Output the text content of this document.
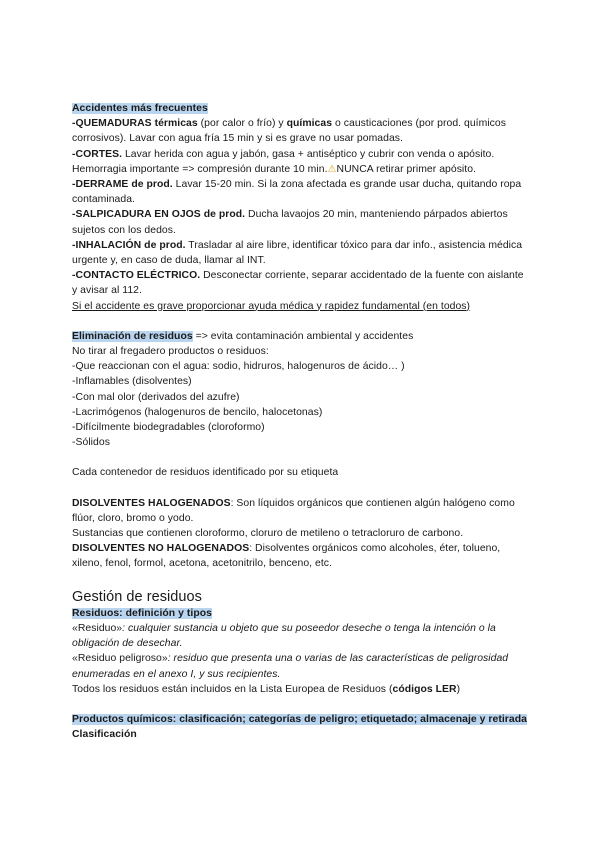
Accidentes más frecuentes

-QUEMADURAS térmicas (por calor o frío) y químicas o causticaciones (por prod. químicos corrosivos). Lavar con agua fría 15 min y si es grave no usar pomadas.

-CORTES. Lavar herida con agua y jabón, gasa + antiséptico y cubrir con venda o apósito. Hemorragia importante => compresión durante 10 min.⚠NUNCA retirar primer apósito.

-DERRAME de prod. Lavar 15-20 min. Si la zona afectada es grande usar ducha, quitando ropa contaminada.

-SALPICADURA EN OJOS de prod. Ducha lavaojos 20 min, manteniendo párpados abiertos sujetos con los dedos.

-INHALACIÓN de prod. Trasladar al aire libre, identificar tóxico para dar info., asistencia médica urgente y, en caso de duda, llamar al INT.

-CONTACTO ELÉCTRICO. Desconectar corriente, separar accidentado de la fuente con aislante y avisar al 112.

Si el accidente es grave proporcionar ayuda médica y rapidez fundamental (en todos)

Eliminación de residuos => evita contaminación ambiental y accidentes

No tirar al fregadero productos o residuos:

-Que reaccionan con el agua: sodio, hidruros, halogenuros de ácido… )

-Inflamables (disolventes)

-Con mal olor (derivados del azufre)

-Lacrimógenos (halogenuros de bencilo, halocetonas)

-Difícilmente biodegradables (cloroformo)

-Sólidos

Cada contenedor de residuos identificado por su etiqueta

DISOLVENTES HALOGENADOS: Son líquidos orgánicos que contienen algún halógeno como flúor, cloro, bromo o yodo.

Sustancias que contienen cloroformo, cloruro de metileno o tetracloruro de carbono.

DISOLVENTES NO HALOGENADOS: Disolventes orgánicos como alcoholes, éter, tolueno, xileno, fenol, formol, acetona, acetonitrilo, benceno, etc.

Gestión de residuos

Residuos: definición y tipos

«Residuo»: cualquier sustancia u objeto que su poseedor deseche o tenga la intención o la obligación de desechar.

«Residuo peligroso»: residuo que presenta una o varias de las características de peligrosidad enumeradas en el anexo I, y sus recipientes.

Todos los residuos están incluidos en la Lista Europea de Residuos (códigos LER)

Productos químicos: clasificación; categorías de peligro; etiquetado; almacenaje y retirada

Clasificación
